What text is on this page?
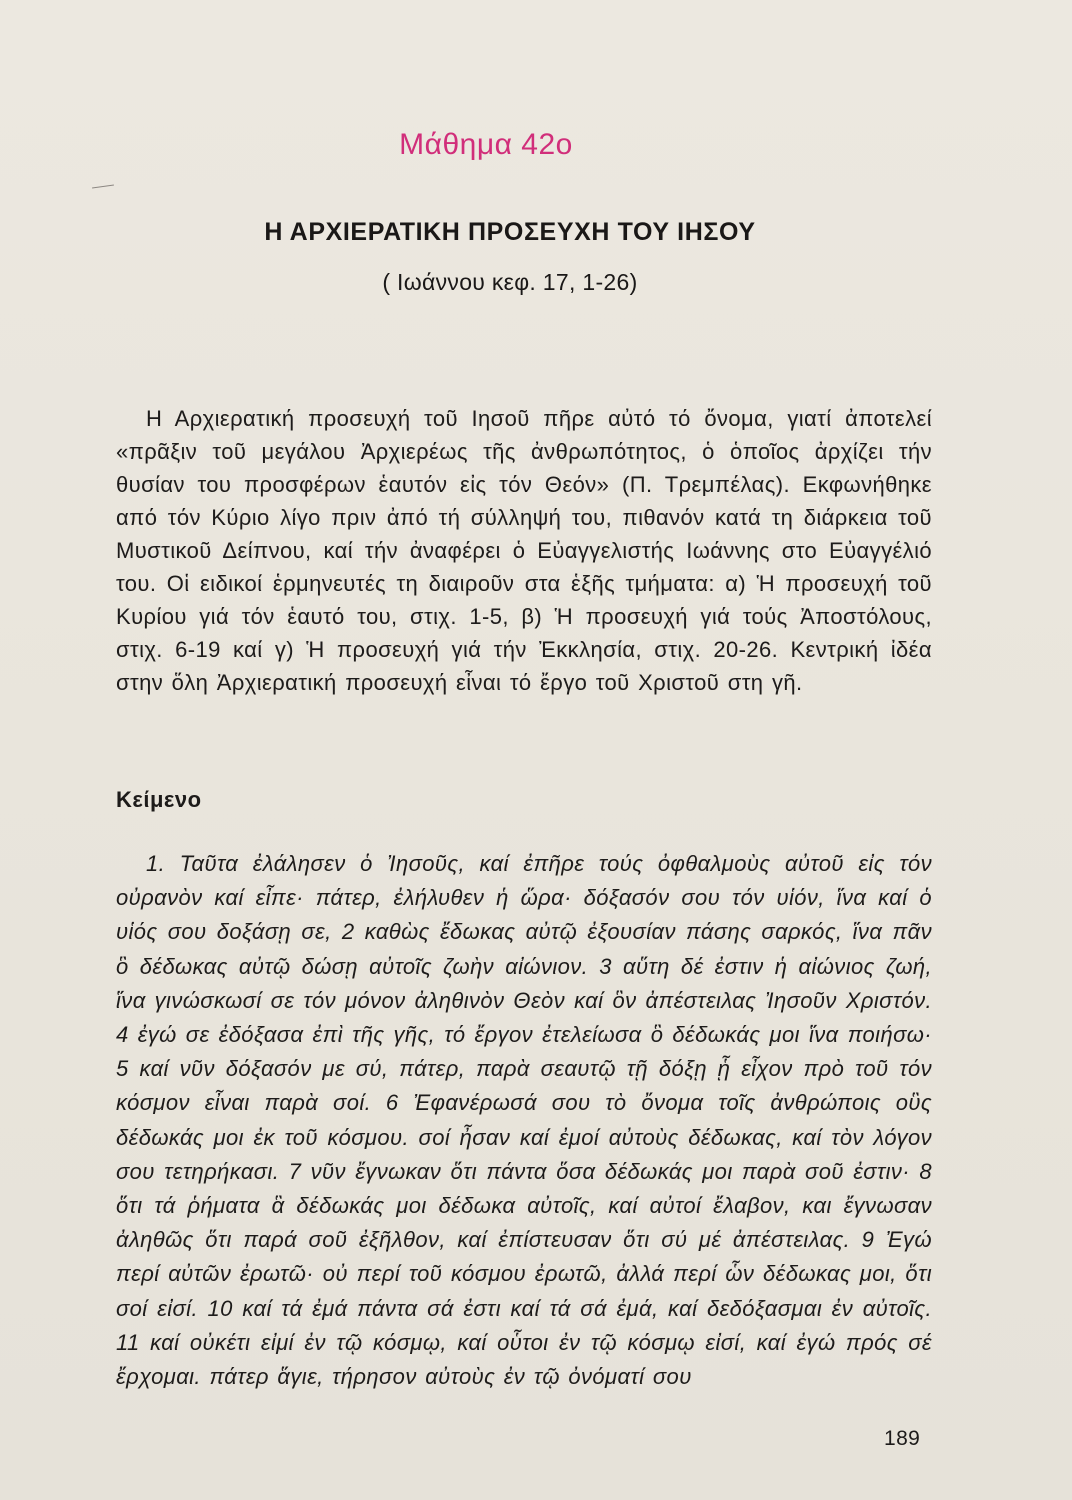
Μάθημα 42ο
Η ΑΡΧΙΕΡΑΤΙΚΗ ΠΡΟΣΕΥΧΗ ΤΟΥ ΙΗΣΟΥ
( Ιωάννου κεφ. 17, 1-26)

Η Αρχιερατική προσευχή τοῦ Ιησοῦ πῆρε αὐτό τό ὄνομα, γιατί ἀποτελεί «πρᾶξιν τοῦ μεγάλου Ἀρχιερέως τῆς ἀνθρωπότητος, ὁ ὁποῖος ἀρχίζει τήν θυσίαν του προσφέρων ἑαυτόν εἰς τόν Θεόν» (Π. Τρεμπέλας). Εκφωνήθηκε από τόν Κύριο λίγο πριν ἀπό τή σύλληψή του, πιθανόν κατά τη διάρκεια τοῦ Μυστικοῦ Δείπνου, καί τήν ἀναφέρει ὁ Εὐαγγελιστής Ιωάννης στο Εὐαγγέλιό του. Οἱ ειδικοί ἑρμηνευτές τη διαιροῦν στα ἑξῆς τμήματα: α) Ἡ προσευχή τοῦ Κυρίου γιά τόν ἑαυτό του, στιχ. 1-5, β) Ἡ προσευχή γιά τούς Ἀποστόλους, στιχ. 6-19 καί γ) Ἡ προσευχή γιά τήν Ἐκκλησία, στιχ. 20-26. Κεντρική ἰδέα στην ὅλη Ἀρχιερατική προσευχή εἶναι τό ἔργο τοῦ Χριστοῦ στη γῆ.

Κείμενο

1. Ταῦτα ἐλάλησεν ὁ Ἰησοῦς, καί ἐπῆρε τούς ὀφθαλμοὺς αὐτοῦ εἰς τόν οὐρανὸν καί εἶπε· πάτερ, ἐλήλυθεν ἡ ὥρα· δόξασόν σου τόν υἱόν, ἵνα καί ὁ υἱός σου δοξάσῃ σε, 2 καθὼς ἔδωκας αὐτῷ ἐξουσίαν πάσης σαρκός, ἵνα πᾶν ὃ δέδωκας αὐτῷ δώσῃ αὐτοῖς ζωὴν αἰώνιον. 3 αὕτη δέ ἐστιν ἡ αἰώνιος ζωή, ἵνα γινώσκωσί σε τόν μόνον ἀληθινὸν Θεὸν καί ὃν ἀπέστειλας Ἰησοῦν Χριστόν. 4 ἐγώ σε ἐδόξασα ἐπὶ τῆς γῆς, τό ἔργον ἐτελείωσα ὃ δέδωκάς μοι ἵνα ποιήσω· 5 καί νῦν δόξασόν με σύ, πάτερ, παρὰ σεαυτῷ τῇ δόξῃ ᾗ εἶχον πρὸ τοῦ τόν κόσμον εἶναι παρὰ σοί. 6 Ἐφανέρωσά σου τὸ ὄνομα τοῖς ἀνθρώποις οὓς δέδωκάς μοι ἐκ τοῦ κόσμου. σοί ἦσαν καί ἐμοί αὐτοὺς δέδωκας, καί τὸν λόγον σου τετηρήκασι. 7 νῦν ἔγνωκαν ὅτι πάντα ὅσα δέδωκάς μοι παρὰ σοῦ ἐστιν· 8 ὅτι τά ῥήματα ἃ δέδωκάς μοι δέδωκα αὐτοῖς, καί αὐτοί ἔλαβον, και ἔγνωσαν ἀληθῶς ὅτι παρά σοῦ ἐξῆλθον, καί ἐπίστευσαν ὅτι σύ μέ ἀπέστειλας. 9 Ἐγώ περί αὐτῶν ἐρωτῶ· οὐ περί τοῦ κόσμου ἐρωτῶ, ἀλλά περί ὧν δέδωκας μοι, ὅτι σοί εἰσί. 10 καί τά ἐμά πάντα σά ἐστι καί τά σά ἐμά, καί δεδόξασμαι ἐν αὐτοῖς. 11 καί οὐκέτι εἰμί ἐν τῷ κόσμῳ, καί οὗτοι ἐν τῷ κόσμῳ εἰσί, καί ἐγώ πρός σέ ἔρχομαι. πάτερ ἅγιε, τήρησον αὐτοὺς ἐν τῷ ὀνόματί σου

189
